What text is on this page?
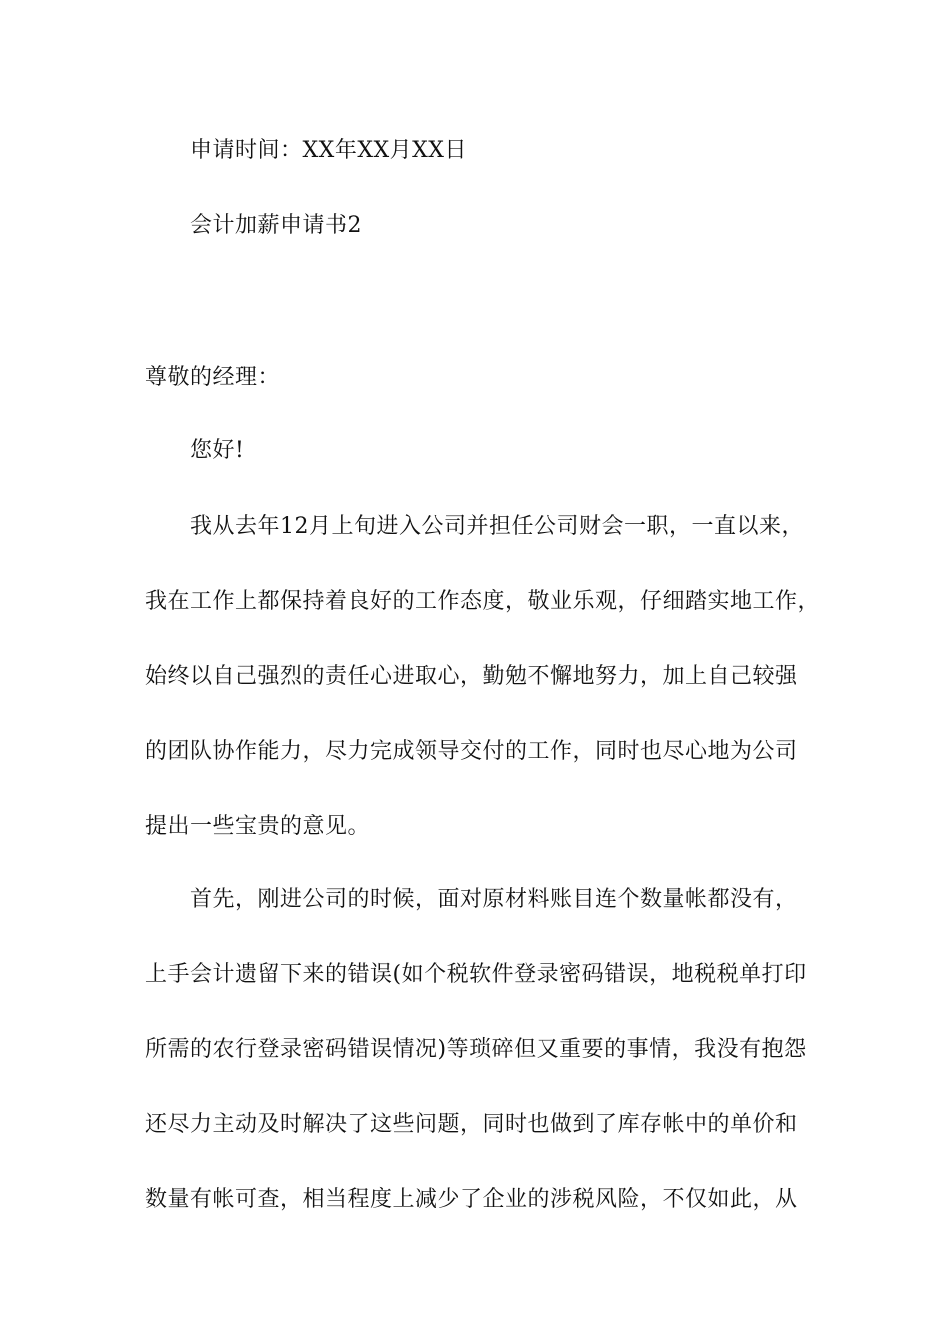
申请时间：XX年XX月XX日
会计加薪申请书2
尊敬的经理：
您好!
我从去年12月上旬进入公司并担任公司财会一职，一直以来，
我在工作上都保持着良好的工作态度，敬业乐观，仔细踏实地工作，
始终以自己强烈的责任心进取心，勤勉不懈地努力，加上自己较强
的团队协作能力，尽力完成领导交付的工作，同时也尽心地为公司
提出一些宝贵的意见。
首先，刚进公司的时候，面对原材料账目连个数量帐都没有，
上手会计遗留下来的错误(如个税软件登录密码错误，地税税单打印
所需的农行登录密码错误情况)等琐碎但又重要的事情，我没有抱怨
还尽力主动及时解决了这些问题，同时也做到了库存帐中的单价和
数量有帐可查，相当程度上减少了企业的涉税风险，不仅如此，从
